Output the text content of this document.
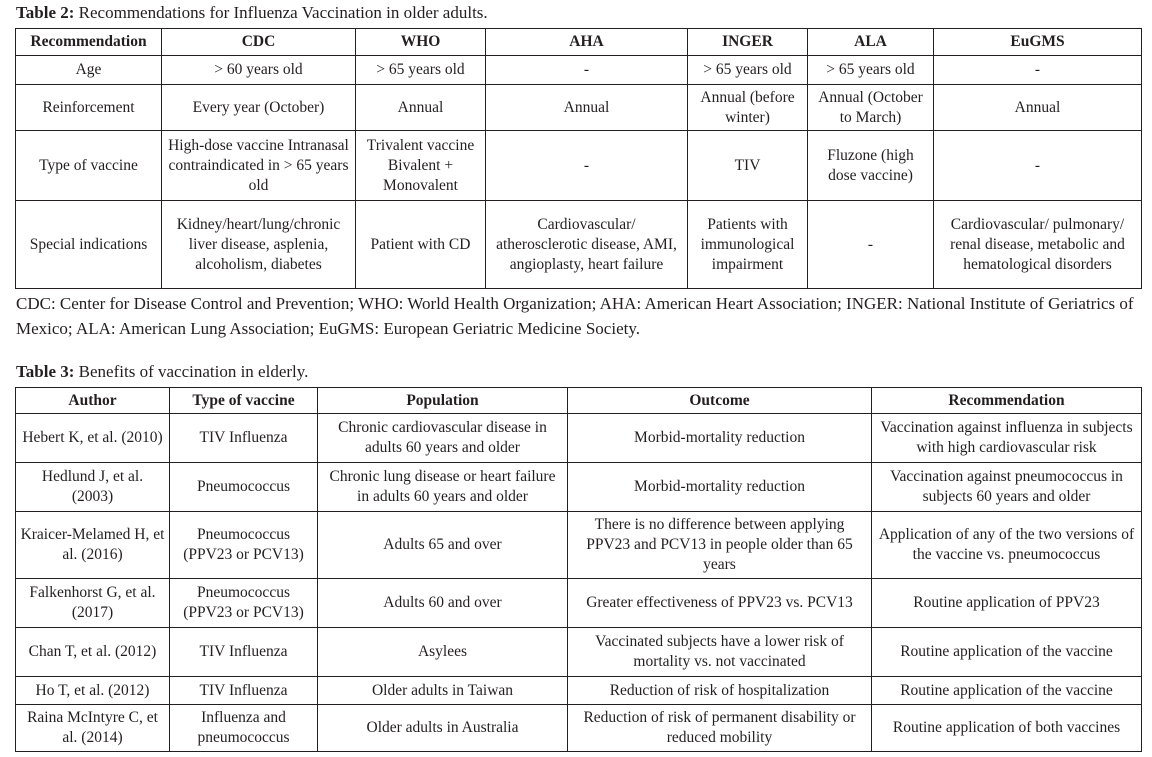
Table 2: Recommendations for Influenza Vaccination in older adults.
Recommendation	CDC	WHO	AHA	INGER	ALA	EuGMS
Age	> 60 years old	> 65 years old	-	> 65 years old	> 65 years old	-
Reinforcement	Every year (October)	Annual	Annual	Annual (before winter)	Annual (October to March)	Annual
Type of vaccine	High-dose vaccine Intranasal contraindicated in > 65 years old	Trivalent vaccine Bivalent + Monovalent	-	TIV	Fluzone (high dose vaccine)	-
Special indications	Kidney/heart/lung/chronic liver disease, asplenia, alcoholism, diabetes	Patient with CD	Cardiovascular/ atherosclerotic disease, AMI, angioplasty, heart failure	Patients with immunological impairment	-	Cardiovascular/ pulmonary/ renal disease, metabolic and hematological disorders
CDC: Center for Disease Control and Prevention; WHO: World Health Organization; AHA: American Heart Association; INGER: National Institute of Geriatrics of Mexico; ALA: American Lung Association; EuGMS: European Geriatric Medicine Society.
Table 3: Benefits of vaccination in elderly.
Author	Type of vaccine	Population	Outcome	Recommendation
Hebert K, et al. (2010)	TIV Influenza	Chronic cardiovascular disease in adults 60 years and older	Morbid-mortality reduction	Vaccination against influenza in subjects with high cardiovascular risk
Hedlund J, et al. (2003)	Pneumococcus	Chronic lung disease or heart failure in adults 60 years and older	Morbid-mortality reduction	Vaccination against pneumococcus in subjects 60 years and older
Kraicer-Melamed H, et al. (2016)	Pneumococcus (PPV23 or PCV13)	Adults 65 and over	There is no difference between applying PPV23 and PCV13 in people older than 65 years	Application of any of the two versions of the vaccine vs. pneumococcus
Falkenhorst G, et al. (2017)	Pneumococcus (PPV23 or PCV13)	Adults 60 and over	Greater effectiveness of PPV23 vs. PCV13	Routine application of PPV23
Chan T, et al. (2012)	TIV Influenza	Asylees	Vaccinated subjects have a lower risk of mortality vs. not vaccinated	Routine application of the vaccine
Ho T, et al. (2012)	TIV Influenza	Older adults in Taiwan	Reduction of risk of hospitalization	Routine application of the vaccine
Raina McIntyre C, et al. (2014)	Influenza and pneumococcus	Older adults in Australia	Reduction of risk of permanent disability or reduced mobility	Routine application of both vaccines
